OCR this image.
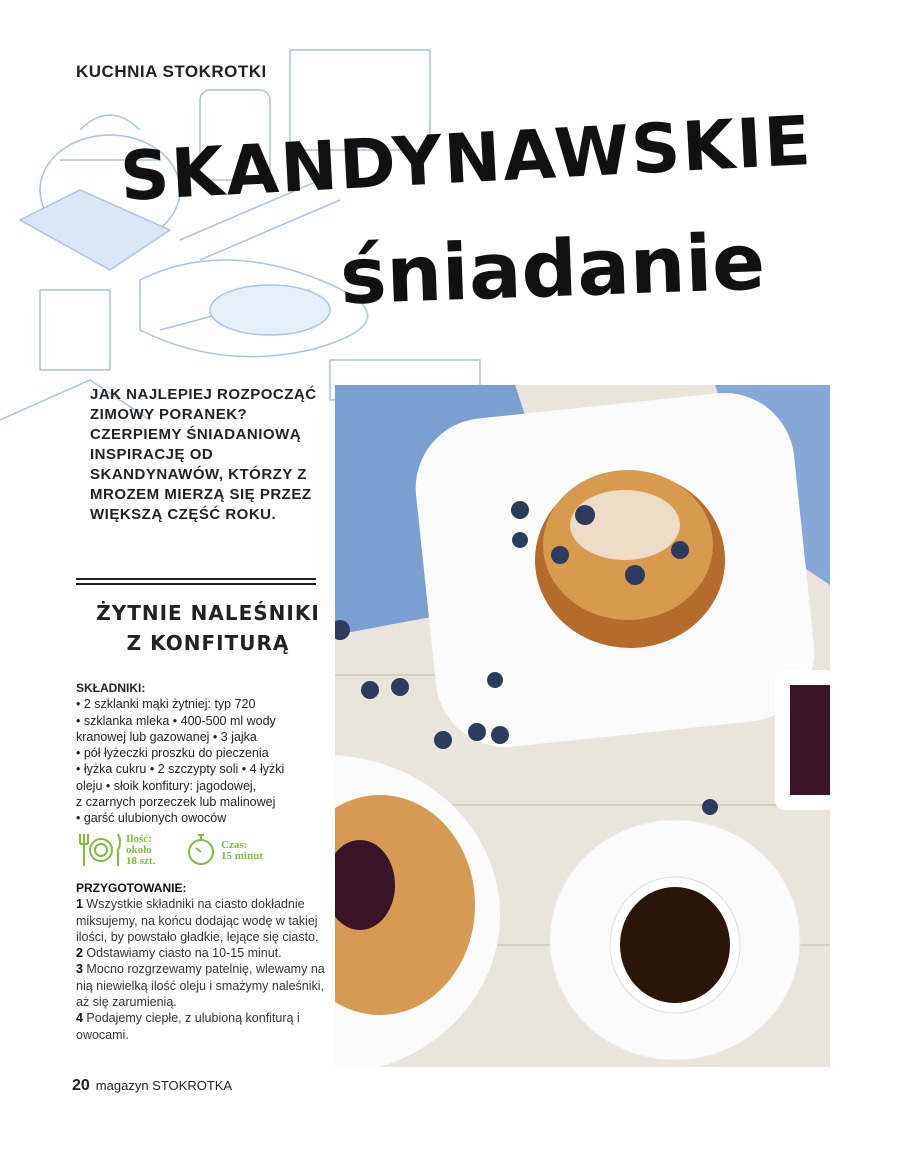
KUCHNIA STOKROTKI
SKANDYNAWSKIE
śniadanie
JAK NAJLEPIEJ ROZPOCZĄĆ ZIMOWY PORANEK? CZERPIEMY ŚNIADANIOWĄ INSPIRACJĘ OD SKANDYNAWÓW, KTÓRZY Z MROZEM MIERZĄ SIĘ PRZEZ WIĘKSZĄ CZĘŚĆ ROKU.
ŻYTNIE NALEŚNIKI
Z KONFITURĄ
SKŁADNIKI:
• 2 szklanki mąki żytniej: typ 720
• szklanka mleka • 400-500 ml wody
kranowej lub gazowanej • 3 jajka
• pół łyżeczki proszku do pieczenia
• łyżka cukru • 2 szczypty soli • 4 łyżki
oleju • słoik konfitury: jagodowej,
z czarnych porzeczek lub malinowej
• garść ulubionych owoców
Ilość:
około
18 szt.
Czas:
15 minut
PRZYGOTOWANIE:
1 Wszystkie składniki na ciasto dokładnie miksujemy, na końcu dodając wodę w takiej ilości, by powstało gładkie, lejące się ciasto.
2 Odstawiamy ciasto na 10-15 minut.
3 Mocno rozgrzewamy patelnię, wlewamy na nią niewielką ilość oleju i smażymy naleśniki, aż się zarumienią.
4 Podajemy ciepłe, z ulubioną konfiturą i owocami.
20 magazyn STOKROTKA
